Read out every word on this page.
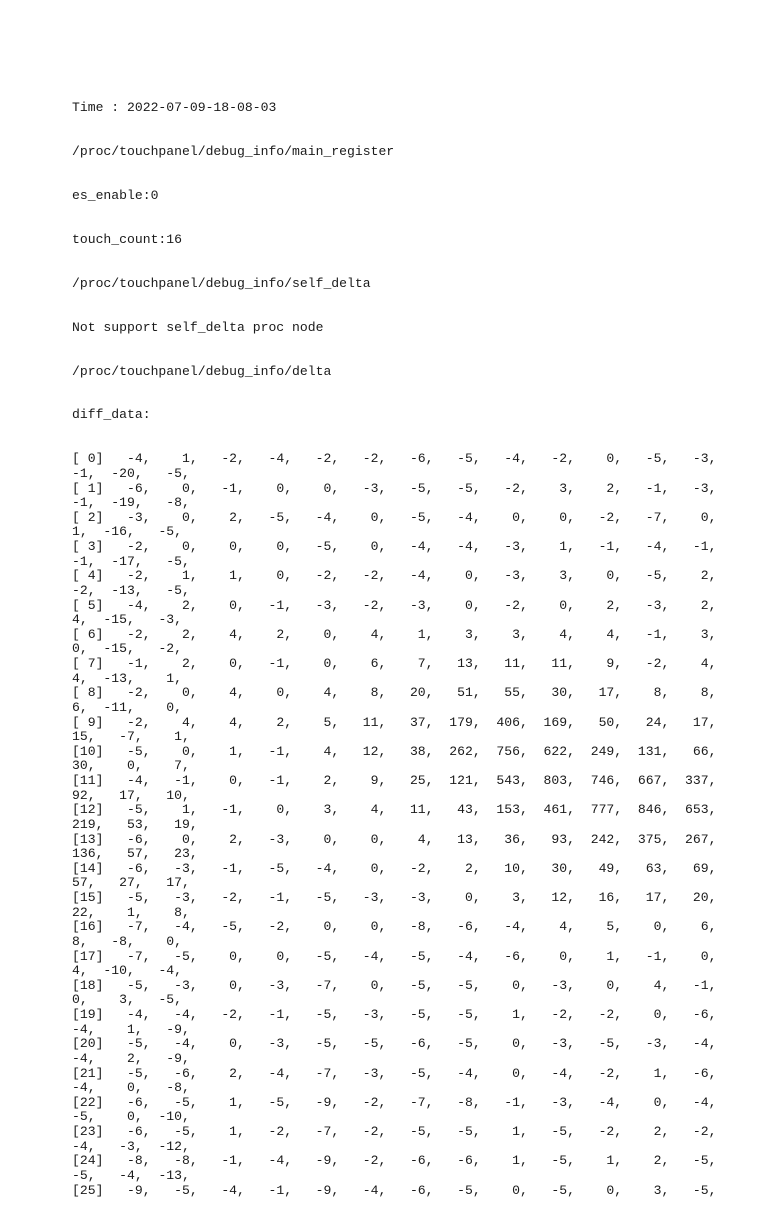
Time : 2022-07-09-18-08-03

/proc/touchpanel/debug_info/main_register

es_enable:0

touch_count:16

/proc/touchpanel/debug_info/self_delta

Not support self_delta proc node

/proc/touchpanel/debug_info/delta

diff_data:

[ 0]   -4,    1,   -2,   -4,   -2,   -2,   -6,   -5,   -4,   -2,    0,   -5,   -3,
-1,  -20,   -5,
[ 1]   -6,    0,   -1,    0,    0,   -3,   -5,   -5,   -2,    3,    2,   -1,   -3,
-1,  -19,   -8,
[ 2]   -3,    0,    2,   -5,   -4,    0,   -5,   -4,    0,    0,   -2,   -7,    0,
1,  -16,   -5,
[ 3]   -2,    0,    0,    0,   -5,    0,   -4,   -4,   -3,    1,   -1,   -4,   -1,
-1,  -17,   -5,
[ 4]   -2,    1,    1,    0,   -2,   -2,   -4,    0,   -3,    3,    0,   -5,    2,
-2,  -13,   -5,
[ 5]   -4,    2,    0,   -1,   -3,   -2,   -3,    0,   -2,    0,    2,   -3,    2,
4,  -15,   -3,
[ 6]   -2,    2,    4,    2,    0,    4,    1,    3,    3,    4,    4,   -1,    3,
0,  -15,   -2,
[ 7]   -1,    2,    0,   -1,    0,    6,    7,   13,   11,   11,    9,   -2,    4,
4,  -13,    1,
[ 8]   -2,    0,    4,    0,    4,    8,   20,   51,   55,   30,   17,    8,    8,
6,  -11,    0,
[ 9]   -2,    4,    4,    2,    5,   11,   37,  179,  406,  169,   50,   24,   17,
15,   -7,    1,
[10]   -5,    0,    1,   -1,    4,   12,   38,  262,  756,  622,  249,  131,   66,
30,    0,    7,
[11]   -4,   -1,    0,   -1,    2,    9,   25,  121,  543,  803,  746,  667,  337,
92,   17,   10,
[12]   -5,    1,   -1,    0,    3,    4,   11,   43,  153,  461,  777,  846,  653,
219,   53,   19,
[13]   -6,    0,    2,   -3,    0,    0,    4,   13,   36,   93,  242,  375,  267,
136,   57,   23,
[14]   -6,   -3,   -1,   -5,   -4,    0,   -2,    2,   10,   30,   49,   63,   69,
57,   27,   17,
[15]   -5,   -3,   -2,   -1,   -5,   -3,   -3,    0,    3,   12,   16,   17,   20,
22,    1,    8,
[16]   -7,   -4,   -5,   -2,    0,    0,   -8,   -6,   -4,    4,    5,    0,    6,
8,   -8,    0,
[17]   -7,   -5,    0,    0,   -5,   -4,   -5,   -4,   -6,    0,    1,   -1,    0,
4,  -10,   -4,
[18]   -5,   -3,    0,   -3,   -7,    0,   -5,   -5,    0,   -3,    0,    4,   -1,
0,    3,   -5,
[19]   -4,   -4,   -2,   -1,   -5,   -3,   -5,   -5,    1,   -2,   -2,    0,   -6,
-4,    1,   -9,
[20]   -5,   -4,    0,   -3,   -5,   -5,   -6,   -5,    0,   -3,   -5,   -3,   -4,
-4,    2,   -9,
[21]   -5,   -6,    2,   -4,   -7,   -3,   -5,   -4,    0,   -4,   -2,    1,   -6,
-4,    0,   -8,
[22]   -6,   -5,    1,   -5,   -9,   -2,   -7,   -8,   -1,   -3,   -4,    0,   -4,
-5,    0,  -10,
[23]   -6,   -5,    1,   -2,   -7,   -2,   -5,   -5,    1,   -5,   -2,    2,   -2,
-4,   -3,  -12,
[24]   -8,   -8,   -1,   -4,   -9,   -2,   -6,   -6,    1,   -5,    1,    2,   -5,
-5,   -4,  -13,
[25]   -9,   -5,   -4,   -1,   -9,   -4,   -6,   -5,    0,   -5,    0,    3,   -5,
